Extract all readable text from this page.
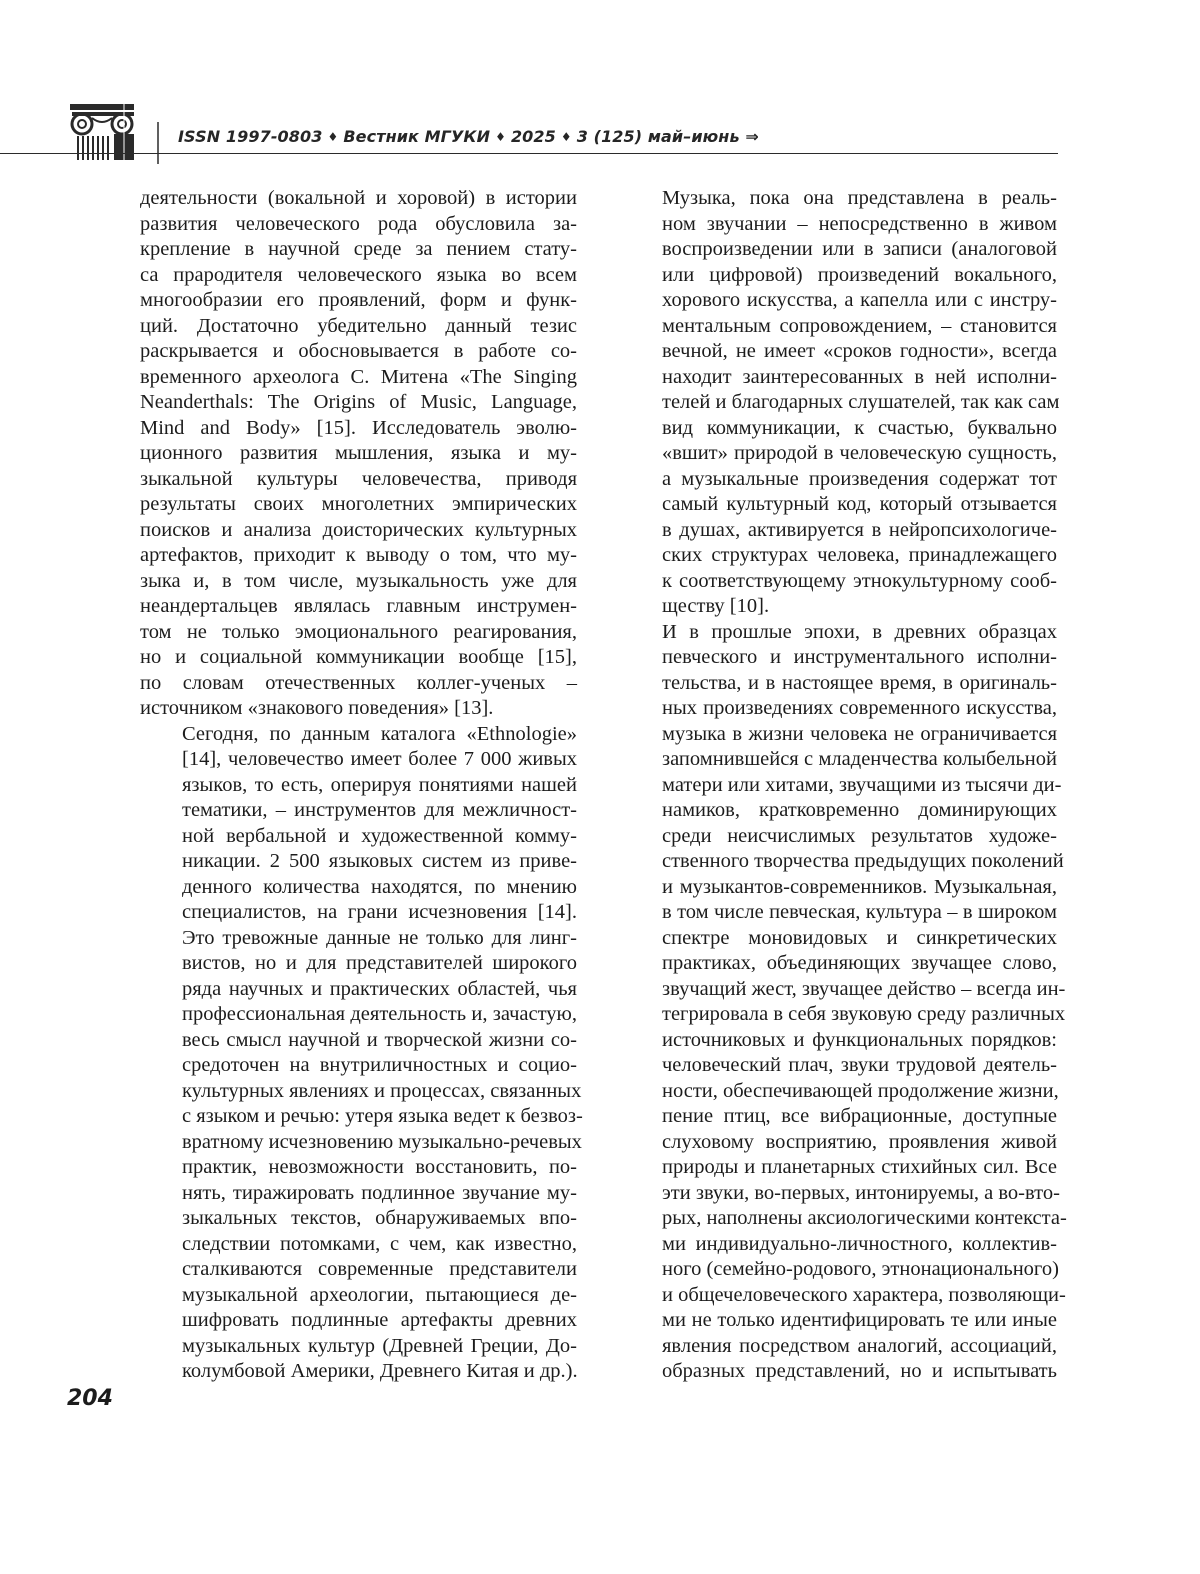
ISSN 1997-0803 ♦ Вестник МГУКИ ♦ 2025 ♦ 3 (125) май–июнь ⇒

деятельности (вокальной и хоровой) в истории
развития человеческого рода обусловила за-
крепление в научной среде за пением стату-
са прародителя человеческого языка во всем
многообразии его проявлений, форм и функ-
ций. Достаточно убедительно данный тезис
раскрывается и обосновывается в работе со-
временного археолога С. Митена «The Singing
Neanderthals: The Origins of Music, Language,
Mind and Body» [15]. Исследователь эволю-
ционного развития мышления, языка и му-
зыкальной культуры человечества, приводя
результаты своих многолетних эмпирических
поисков и анализа доисторических культурных
артефактов, приходит к выводу о том, что му-
зыка и, в том числе, музыкальность уже для
неандертальцев являлась главным инструмен-
том не только эмоционального реагирования,
но и социальной коммуникации вообще [15],
по словам отечественных коллег-ученых –
источником «знакового поведения» [13].

Сегодня, по данным каталога «Ethnologie»
[14], человечество имеет более 7 000 живых
языков, то есть, оперируя понятиями нашей
тематики, – инструментов для межличност-
ной вербальной и художественной комму-
никации. 2 500 языковых систем из приве-
денного количества находятся, по мнению
специалистов, на грани исчезновения [14].
Это тревожные данные не только для линг-
вистов, но и для представителей широкого
ряда научных и практических областей, чья
профессиональная деятельность и, зачастую,
весь смысл научной и творческой жизни со-
средоточен на внутриличностных и социо-
культурных явлениях и процессах, связанных
с языком и речью: утеря языка ведет к безвоз-
вратному исчезновению музыкально-речевых
практик, невозможности восстановить, по-
нять, тиражировать подлинное звучание му-
зыкальных текстов, обнаруживаемых впо-
следствии потомками, с чем, как известно,
сталкиваются современные представители
музыкальной археологии, пытающиеся де-
шифровать подлинные артефакты древних
музыкальных культур (Древней Греции, До-
колумбовой Америки, Древнего Китая и др.).

Музыка, пока она представлена в реаль-
ном звучании – непосредственно в живом
воспроизведении или в записи (аналоговой
или цифровой) произведений вокального,
хорового искусства, а капелла или с инстру-
ментальным сопровождением, – становится
вечной, не имеет «сроков годности», всегда
находит заинтересованных в ней исполни-
телей и благодарных слушателей, так как сам
вид коммуникации, к счастью, буквально
«вшит» природой в человеческую сущность,
а музыкальные произведения содержат тот
самый культурный код, который отзывается
в душах, активируется в нейропсихологиче-
ских структурах человека, принадлежащего
к соответствующему этнокультурному сооб-
ществу [10].

И в прошлые эпохи, в древних образцах
певческого и инструментального исполни-
тельства, и в настоящее время, в оригиналь-
ных произведениях современного искусства,
музыка в жизни человека не ограничивается
запомнившейся с младенчества колыбельной
матери или хитами, звучащими из тысячи ди-
намиков, кратковременно доминирующих
среди неисчислимых результатов художе-
ственного творчества предыдущих поколений
и музыкантов-современников. Музыкальная,
в том числе певческая, культура – в широком
спектре моновидовых и синкретических
практиках, объединяющих звучащее слово,
звучащий жест, звучащее действо – всегда ин-
тегрировала в себя звуковую среду различных
источниковых и функциональных порядков:
человеческий плач, звуки трудовой деятель-
ности, обеспечивающей продолжение жизни,
пение птиц, все вибрационные, доступные
слуховому восприятию, проявления живой
природы и планетарных стихийных сил. Все
эти звуки, во-первых, интонируемы, а во-вто-
рых, наполнены аксиологическими контекста-
ми индивидуально-личностного, коллектив-
ного (семейно-родового, этнонационального)
и общечеловеческого характера, позволяющи-
ми не только идентифицировать те или иные
явления посредством аналогий, ассоциаций,
образных представлений, но и испытывать

204
